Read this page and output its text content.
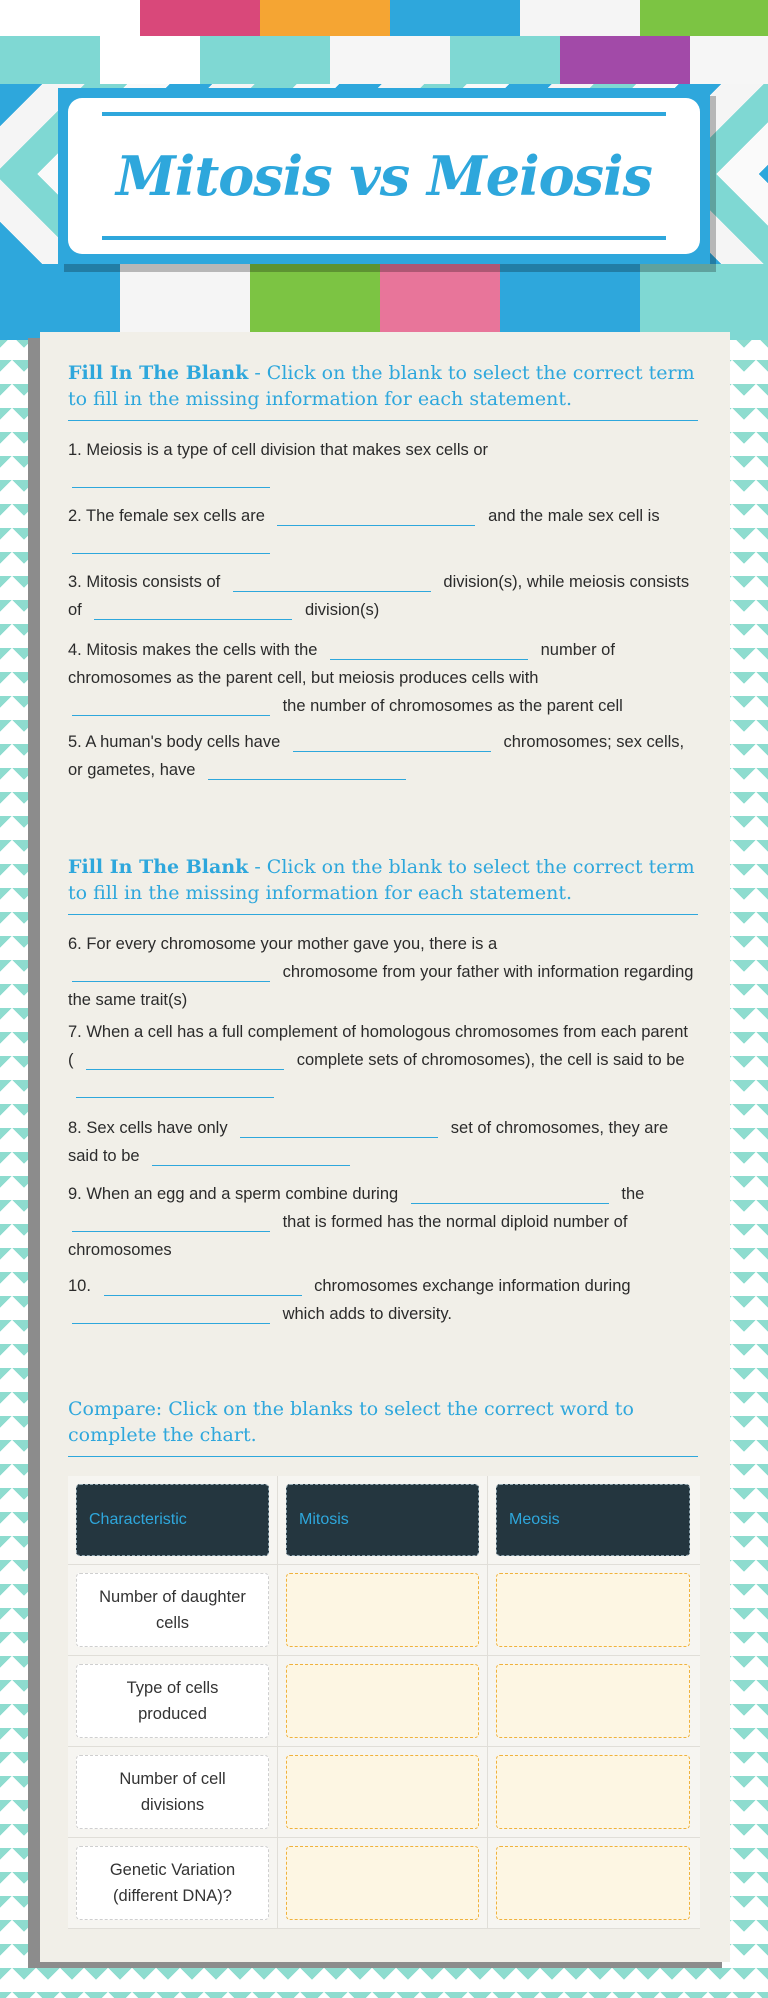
Mitosis vs Meiosis
Fill In The Blank - Click on the blank to select the correct term to fill in the missing information for each statement.
1. Meiosis is a type of cell division that makes sex cells or

2. The female sex cells are	and the male sex cell is

3. Mitosis consists of	division(s), while meiosis consists of	division(s)
4. Mitosis makes the cells with the	number of chromosomes as the parent cell, but meiosis produces cells with
the number of chromosomes as the parent cell
5. A human's body cells have	chromosomes; sex cells, or gametes, have
Fill In The Blank - Click on the blank to select the correct term to fill in the missing information for each statement.
6. For every chromosome your mother gave you, there is a
chromosome from your father with information regarding the same trait(s)
7. When a cell has a full complement of homologous chromosomes from each parent (	complete sets of chromosomes), the cell is said to be
8. Sex cells have only	set of chromosomes, they are said to be
9. When an egg and a sperm combine during	the
that is formed has the normal diploid number of chromosomes
10.	chromosomes exchange information during
which adds to diversity.
Compare: Click on the blanks to select the correct word to complete the chart.
Characteristic	Mitosis	Meosis
Number of daughter cells
Type of cells produced
Number of cell divisions
Genetic Variation (different DNA)?
